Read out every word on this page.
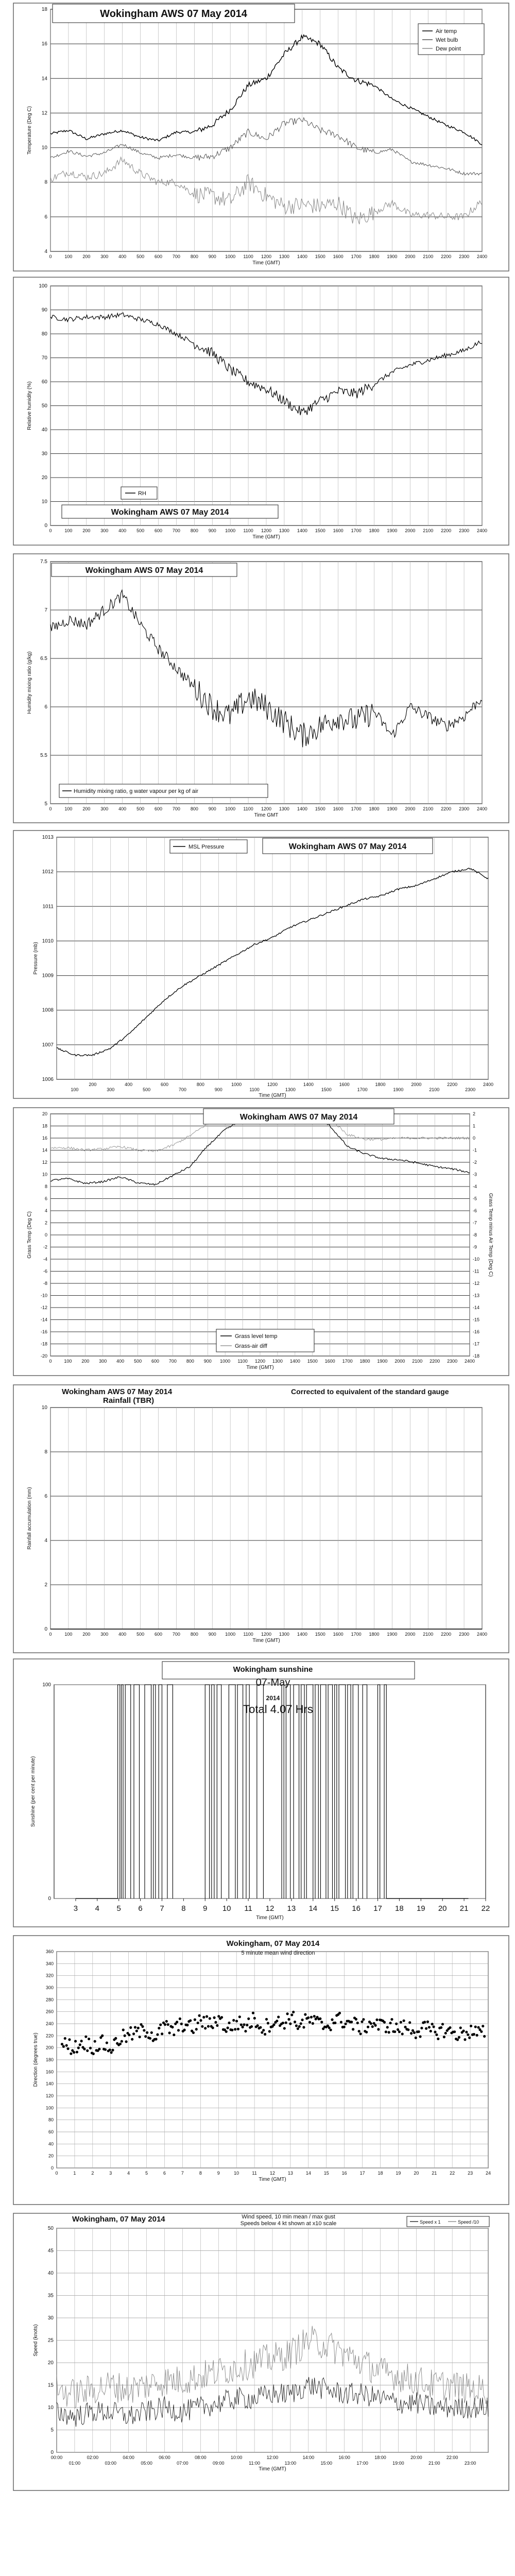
4
6
8
10
12
14
16
18
0	100 200 300 400 500 600 700 800 900 1000 1100 1200 1300 1400 1500 1600 1700 1800 1900 2000 2100 2200 2300 2400
Time (GMT)
Temperature (Deg C)
Wokingham AWS 07 May 2014
Air temp
Wet bulb
Dew point
0
10
20
30
40
50
60
70
80
90
100
0	100 200 300 400 500 600 700 800 900 1000 1100 1200 1300 1400 1500 1600 1700 1800 1900 2000 2100 2200 2300 2400
Time (GMT)
Relative humidity (%)
Wokingham AWS 07 May 2014
RH
5
5.5
6
6.5
7
7.5
0	100 200 300 400 500 600 700 800 900 1000 1100 1200 1300 1400 1500 1600 1700 1800 1900 2000 2100 2200 2300 2400
Time GMT
Humidity mixing ratio (g/kg)
Wokingham AWS 07 May 2014
Humidity mixing ratio, g water vapour per kg of air
1006
1007
1008
1009
1010
1011
1012
1013
100
200
300
400
500
600
700
800
900
1000
1100
1200
1300
1400
1500
1600
1700
1800
1900
2000
2100
2200
2300
2400
Time (GMT)
Pressure (mb)
MSL Pressure	Wokingham AWS 07 May 2014
-20
-18
-16
-14
-12
-10
-8
-6
-4
-2
0
2
4
6
8
10
12
14
16
18
20
0	100 200 300 400 500 600 700 800 900 1000 1100 1200 1300 1400 1500 1600 1700 1800 1900 2000 2100 2200 2300 2400
Time (GMT)
Grass Temp (Deg C)
-18
-17
-16
-15
-14
-13
-12
-11
-10
-9
-8
-7
-6
-5
-4
-3
-2
-1
0
1
2
Grass Temp minus Air Temp (Deg C)
Wokingham AWS 07 May 2014
Grass level temp
Grass-air diff
0
2
4
6
8
10
0	100 200 300 400 500 600 700 800 900 1000 1100 1200 1300 1400 1500 1600 1700 1800 1900 2000 2100 2200 2300 2400
Time (GMT)
Rainfall accumulation (mm)
Wokingham AWS 07 May 2014
Rainfall (TBR)
Corrected to equivalent of the standard gauge
0
100
3 4 5 6 7 8 9 10 11 12 13 14 15 16 17 18 19 20 21 22
Time (GMT)
Sunshine (per cent per minute)
Wokingham sunshine
07-May
2014
Total 4.07 Hrs
0
20
40
60
80
100
120
140
160
180
200
220
240
260
280
300
320
340
360
0	1	2	3	4	5	6	7	8	9	10	11	12	13	14	15	16	17	18	19	20	21	22	23	24
Time (GMT)
Direction (degrees true)
Wokingham, 07 May 2014
5 minute mean wind direction
0
5
10
15
20
25
30
35
40
45
50
00:00	02:00	04:00	06:00	08:00	10:00	12:00	14:00	16:00	18:00	20:00	22:00
01:00	03:00	05:00	07:00	09:00	11:00	13:00	15:00	17:00	19:00	21:00	23:00
Time (GMT)
Speed (knots)
Wokingham, 07 May 2014	Wind speed, 10 min mean / max gust
Speeds below 4 kt shown at x10 scale	Speed x 1	Speed /10
